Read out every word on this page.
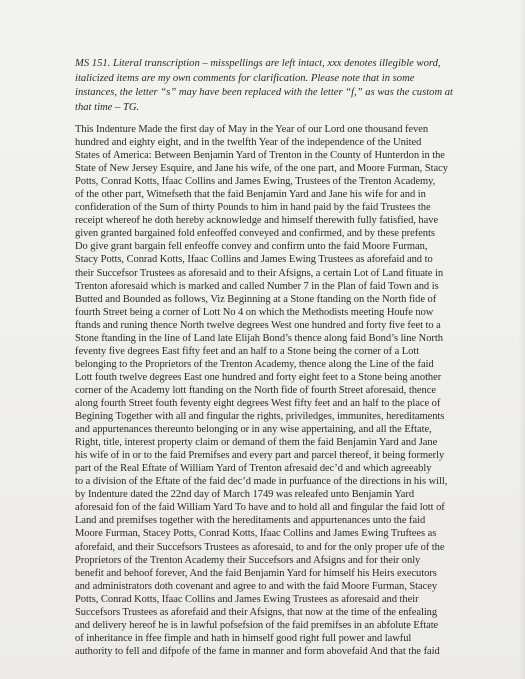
MS 151. Literal transcription – misspellings are left intact, xxx denotes illegible word,
italicized items are my own comments for clarification. Please note that in some
instances, the letter “s” may have been replaced with the letter “f,” as was the custom at
that time – TG.

This Indenture Made the first day of May in the Year of our Lord one thousand feven
hundred and eighty eight, and in the twelfth Year of the independence of the United
States of America: Between Benjamin Yard of Trenton in the County of Hunterdon in the
State of New Jersey Esquire, and Jane his wife, of the one part, and Moore Furman, Stacy
Potts, Conrad Kotts, Ifaac Collins and James Ewing, Trustees of the Trenton Academy,
of the other part, Witnefseth that the faid Benjamin Yard and Jane his wife for and in
confideration of the Sum of thirty Pounds to him in hand paid by the faid Trustees the
receipt whereof he doth hereby acknowledge and himself therewith fully fatisfied, have
given granted bargained fold enfeoffed conveyed and confirmed, and by these prefents
Do give grant bargain fell enfeoffe convey and confirm unto the faid Moore Furman,
Stacy Potts, Conrad Kotts, Ifaac Collins and James Ewing Trustees as aforefaid and to
their Succefsor Trustees as aforesaid and to their Afsigns, a certain Lot of Land fituate in
Trenton aforesaid which is marked and called Number 7 in the Plan of faid Town and is
Butted and Bounded as follows, Viz Beginning at a Stone ftanding on the North fide of
fourth Street being a corner of Lott No 4 on which the Methodists meeting Houfe now
ftands and runing thence North twelve degrees West one hundred and forty five feet to a
Stone ftanding in the line of Land late Elijah Bond’s thence along faid Bond’s line North
feventy five degrees East fifty feet and an half to a Stone being the corner of a Lott
belonging to the Proprietors of the Trenton Academy, thence along the Line of the faid
Lott fouth twelve degrees East one hundred and forty eight feet to a Stone being another
corner of the Academy lott ftanding on the North fide of fourth Street aforesaid, thence
along fourth Street fouth feventy eight degrees West fifty feet and an half to the place of
Begining Together with all and fingular the rights, priviledges, immunites, hereditaments
and appurtenances thereunto belonging or in any wise appertaining, and all the Eftate,
Right, title, interest property claim or demand of them the faid Benjamin Yard and Jane
his wife of in or to the faid Premifses and every part and parcel thereof, it being formerly
part of the Real Eftate of William Yard of Trenton afresaid dec’d and which agreeably
to a division of the Eftate of the faid dec’d made in purfuance of the directions in his will,
by Indenture dated the 22nd day of March 1749 was releafed unto Benjamin Yard
aforesaid fon of the faid William Yard To have and to hold all and fingular the faid lott of
Land and premifses together with the hereditaments and appurtenances unto the faid
Moore Furman, Stacey Potts, Conrad Kotts, Ifaac Collins and James Ewing Truftees as
aforefaid, and their Succefsors Trustees as aforesaid, to and for the only proper ufe of the
Proprietors of the Trenton Academy their Succefsors and Afsigns and for their only
benefit and behoof forever, And the faid Benjamin Yard for himself his Heirs executors
and administrators doth covenant and agree to and with the faid Moore Furman, Stacey
Potts, Conrad Kotts, Ifaac Collins and James Ewing Trustees as aforesaid and their
Succefsors Trustees as aforefaid and their Afsigns, that now at the time of the enfealing
and delivery hereof he is in lawful pofsefsion of the faid premifses in an abfolute Eftate
of inheritance in ffee fimple and hath in himself good right full power and lawful
authority to fell and difpofe of the fame in manner and form abovefaid And that the faid
